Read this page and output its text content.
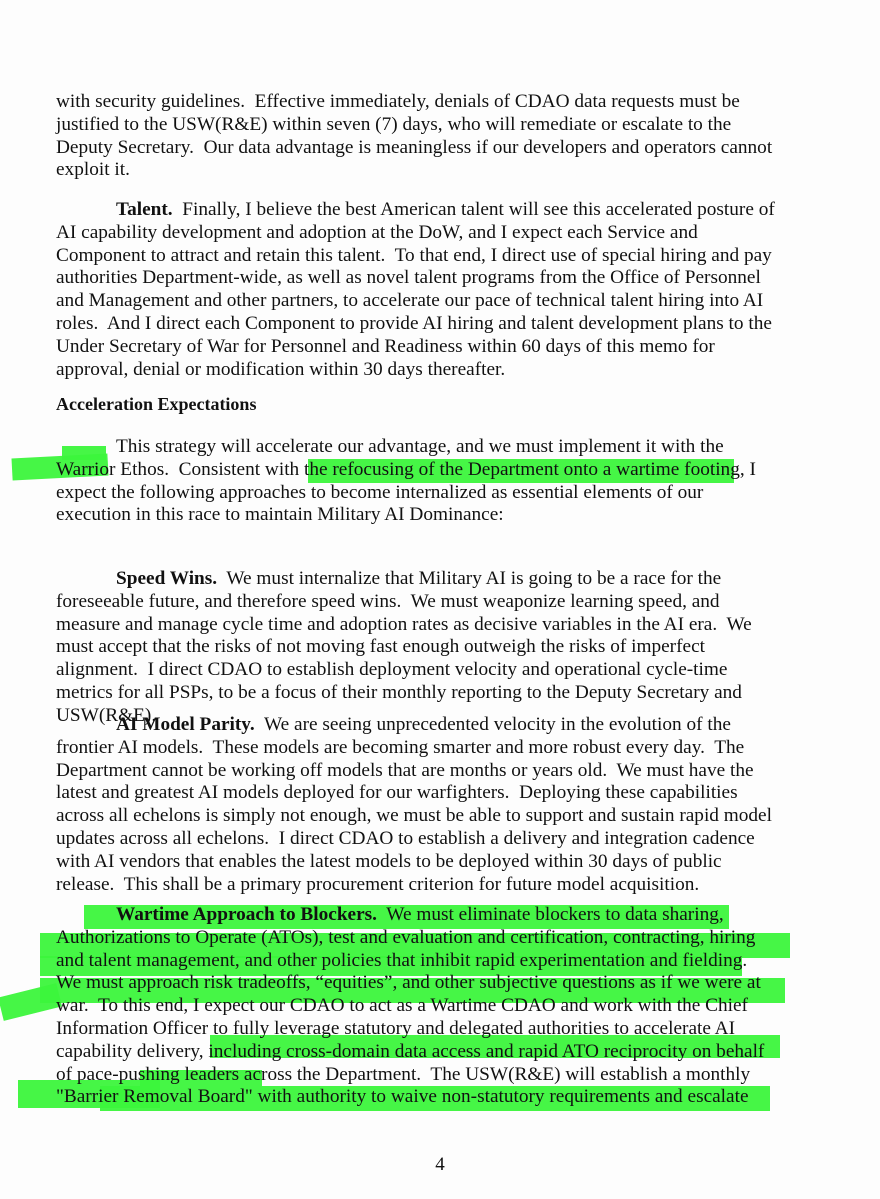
Acceleration Expectations
4
with security guidelines.  Effective immediately, denials of CDAO data requests must be
justified to the USW(R&E) within seven (7) days, who will remediate or escalate to the
Deputy Secretary.  Our data advantage is meaningless if our developers and operators cannot
exploit it.
Talent.  Finally, I believe the best American talent will see this accelerated posture of
AI capability development and adoption at the DoW, and I expect each Service and
Component to attract and retain this talent.  To that end, I direct use of special hiring and pay
authorities Department-wide, as well as novel talent programs from the Office of Personnel
and Management and other partners, to accelerate our pace of technical talent hiring into AI
roles.  And I direct each Component to provide AI hiring and talent development plans to the
Under Secretary of War for Personnel and Readiness within 60 days of this memo for
approval, denial or modification within 30 days thereafter.
This strategy will accelerate our advantage, and we must implement it with the
Warrior Ethos.  Consistent with the refocusing of the Department onto a wartime footing, I
expect the following approaches to become internalized as essential elements of our
execution in this race to maintain Military AI Dominance:
Speed Wins.  We must internalize that Military AI is going to be a race for the
foreseeable future, and therefore speed wins.  We must weaponize learning speed, and
measure and manage cycle time and adoption rates as decisive variables in the AI era.  We
must accept that the risks of not moving fast enough outweigh the risks of imperfect
alignment.  I direct CDAO to establish deployment velocity and operational cycle-time
metrics for all PSPs, to be a focus of their monthly reporting to the Deputy Secretary and
USW(R&E).
AI Model Parity.  We are seeing unprecedented velocity in the evolution of the
frontier AI models.  These models are becoming smarter and more robust every day.  The
Department cannot be working off models that are months or years old.  We must have the
latest and greatest AI models deployed for our warfighters.  Deploying these capabilities
across all echelons is simply not enough, we must be able to support and sustain rapid model
updates across all echelons.  I direct CDAO to establish a delivery and integration cadence
with AI vendors that enables the latest models to be deployed within 30 days of public
release.  This shall be a primary procurement criterion for future model acquisition.
Wartime Approach to Blockers.  We must eliminate blockers to data sharing,
Authorizations to Operate (ATOs), test and evaluation and certification, contracting, hiring
and talent management, and other policies that inhibit rapid experimentation and fielding.
We must approach risk tradeoffs, “equities”, and other subjective questions as if we were at
war.  To this end, I expect our CDAO to act as a Wartime CDAO and work with the Chief
Information Officer to fully leverage statutory and delegated authorities to accelerate AI
capability delivery, including cross-domain data access and rapid ATO reciprocity on behalf
of pace-pushing leaders across the Department.  The USW(R&E) will establish a monthly
"Barrier Removal Board" with authority to waive non-statutory requirements and escalate
